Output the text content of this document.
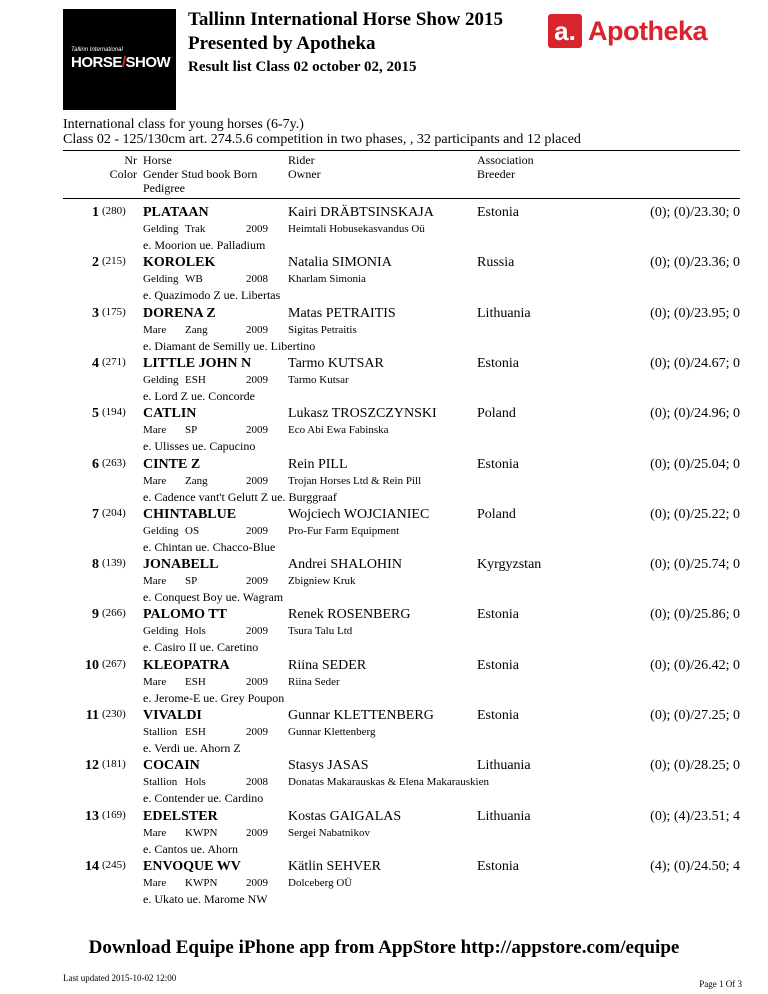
Tallinn International
HORSE/SHOW
Tallinn International Horse Show 2015
Presented by Apotheka
Result list Class 02 october 02, 2015
a. Apotheka
International class for young horses (6-7y.)
Class 02 - 125/130cm art. 274.5.6 competition in two phases, , 32 participants and 12 placed
Nr
Color
Horse
Gender Stud book Born
Pedigree
Rider
Owner
Association
Breeder
1 (280) PLATAAN	Kairi DRÄBTSINSKAJA	Estonia	(0); (0)/23.30; 0
Gelding Trak	2009 Heimtali Hobusekasvandus Oü
e. Moorion ue. Palladium
2 (215) KOROLEK	Natalia SIMONIA	Russia	(0); (0)/23.36; 0
Gelding WB	2008 Kharlam Simonia
e. Quazimodo Z ue. Libertas
3 (175) DORENA Z	Matas PETRAITIS	Lithuania	(0); (0)/23.95; 0
Mare Zang	2009 Sigitas Petraitis
e. Diamant de Semilly ue. Libertino
4 (271) LITTLE JOHN N	Tarmo KUTSAR	Estonia	(0); (0)/24.67; 0
Gelding ESH	2009 Tarmo Kutsar
e. Lord Z ue. Concorde
5 (194) CATLIN	Lukasz TROSZCZYNSKI	Poland	(0); (0)/24.96; 0
Mare SP	2009 Eco Abi Ewa Fabinska
e. Ulisses ue. Capucino
6 (263) CINTE Z	Rein PILL	Estonia	(0); (0)/25.04; 0
Mare Zang	2009 Trojan Horses Ltd & Rein Pill
e. Cadence vant't Gelutt Z ue. Burggraaf
7 (204) CHINTABLUE	Wojciech WOJCIANIEC	Poland	(0); (0)/25.22; 0
Gelding OS	2009 Pro-Fur Farm Equipment
e. Chintan ue. Chacco-Blue
8 (139) JONABELL	Andrei SHALOHIN	Kyrgyzstan	(0); (0)/25.74; 0
Mare SP	2009 Zbigniew Kruk
e. Conquest Boy ue. Wagram
9 (266) PALOMO TT	Renek ROSENBERG	Estonia	(0); (0)/25.86; 0
Gelding Hols	2009 Tsura Talu Ltd
e. Casiro II ue. Caretino
10 (267) KLEOPATRA	Riina SEDER	Estonia	(0); (0)/26.42; 0
Mare ESH	2009 Riina Seder
e. Jerome-E ue. Grey Poupon
11 (230) VIVALDI	Gunnar KLETTENBERG	Estonia	(0); (0)/27.25; 0
Stallion ESH	2009 Gunnar Klettenberg
e. Verdi ue. Ahorn Z
12 (181) COCAIN	Stasys JASAS	Lithuania	(0); (0)/28.25; 0
Stallion Hols	2008 Donatas Makarauskas & Elena Makarauskien
e. Contender ue. Cardino
13 (169) EDELSTER	Kostas GAIGALAS	Lithuania	(0); (4)/23.51; 4
Mare KWPN	2009 Sergei Nabatnikov
e. Cantos ue. Ahorn
14 (245) ENVOQUE WV	Kätlin SEHVER	Estonia	(4); (0)/24.50; 4
Mare KWPN	2009 Dolceberg OÜ
e. Ukato ue. Marome NW
Download Equipe iPhone app from AppStore http://appstore.com/equipe
Last updated 2015-10-02 12:00
Page 1 Of 3
